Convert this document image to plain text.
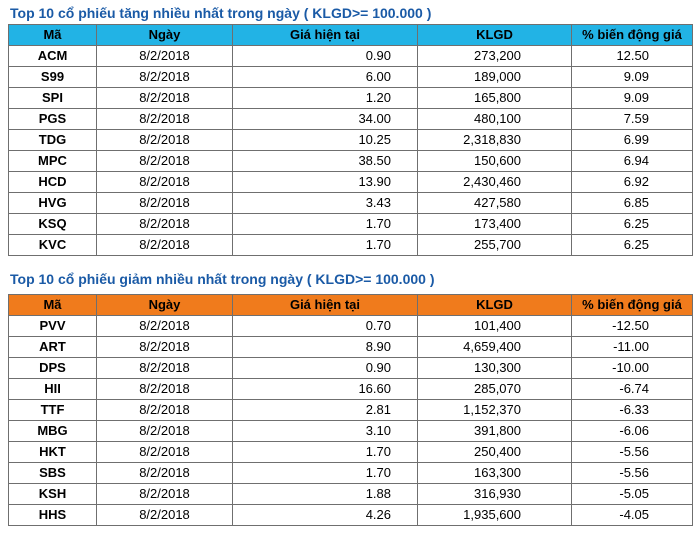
Top 10 cổ phiếu tăng nhiều nhất trong ngày ( KLGD>= 100.000 )
Mã	Ngày	Giá hiện tại	KLGD	% biến động giá
ACM	8/2/2018	0.90	273,200	12.50
S99	8/2/2018	6.00	189,000	9.09
SPI	8/2/2018	1.20	165,800	9.09
PGS	8/2/2018	34.00	480,100	7.59
TDG	8/2/2018	10.25	2,318,830	6.99
MPC	8/2/2018	38.50	150,600	6.94
HCD	8/2/2018	13.90	2,430,460	6.92
HVG	8/2/2018	3.43	427,580	6.85
KSQ	8/2/2018	1.70	173,400	6.25
KVC	8/2/2018	1.70	255,700	6.25
Top 10 cổ phiếu giảm nhiều nhất trong ngày ( KLGD>= 100.000 )
Mã	Ngày	Giá hiện tại	KLGD	% biến động giá
PVV	8/2/2018	0.70	101,400	-12.50
ART	8/2/2018	8.90	4,659,400	-11.00
DPS	8/2/2018	0.90	130,300	-10.00
HII	8/2/2018	16.60	285,070	-6.74
TTF	8/2/2018	2.81	1,152,370	-6.33
MBG	8/2/2018	3.10	391,800	-6.06
HKT	8/2/2018	1.70	250,400	-5.56
SBS	8/2/2018	1.70	163,300	-5.56
KSH	8/2/2018	1.88	316,930	-5.05
HHS	8/2/2018	4.26	1,935,600	-4.05
